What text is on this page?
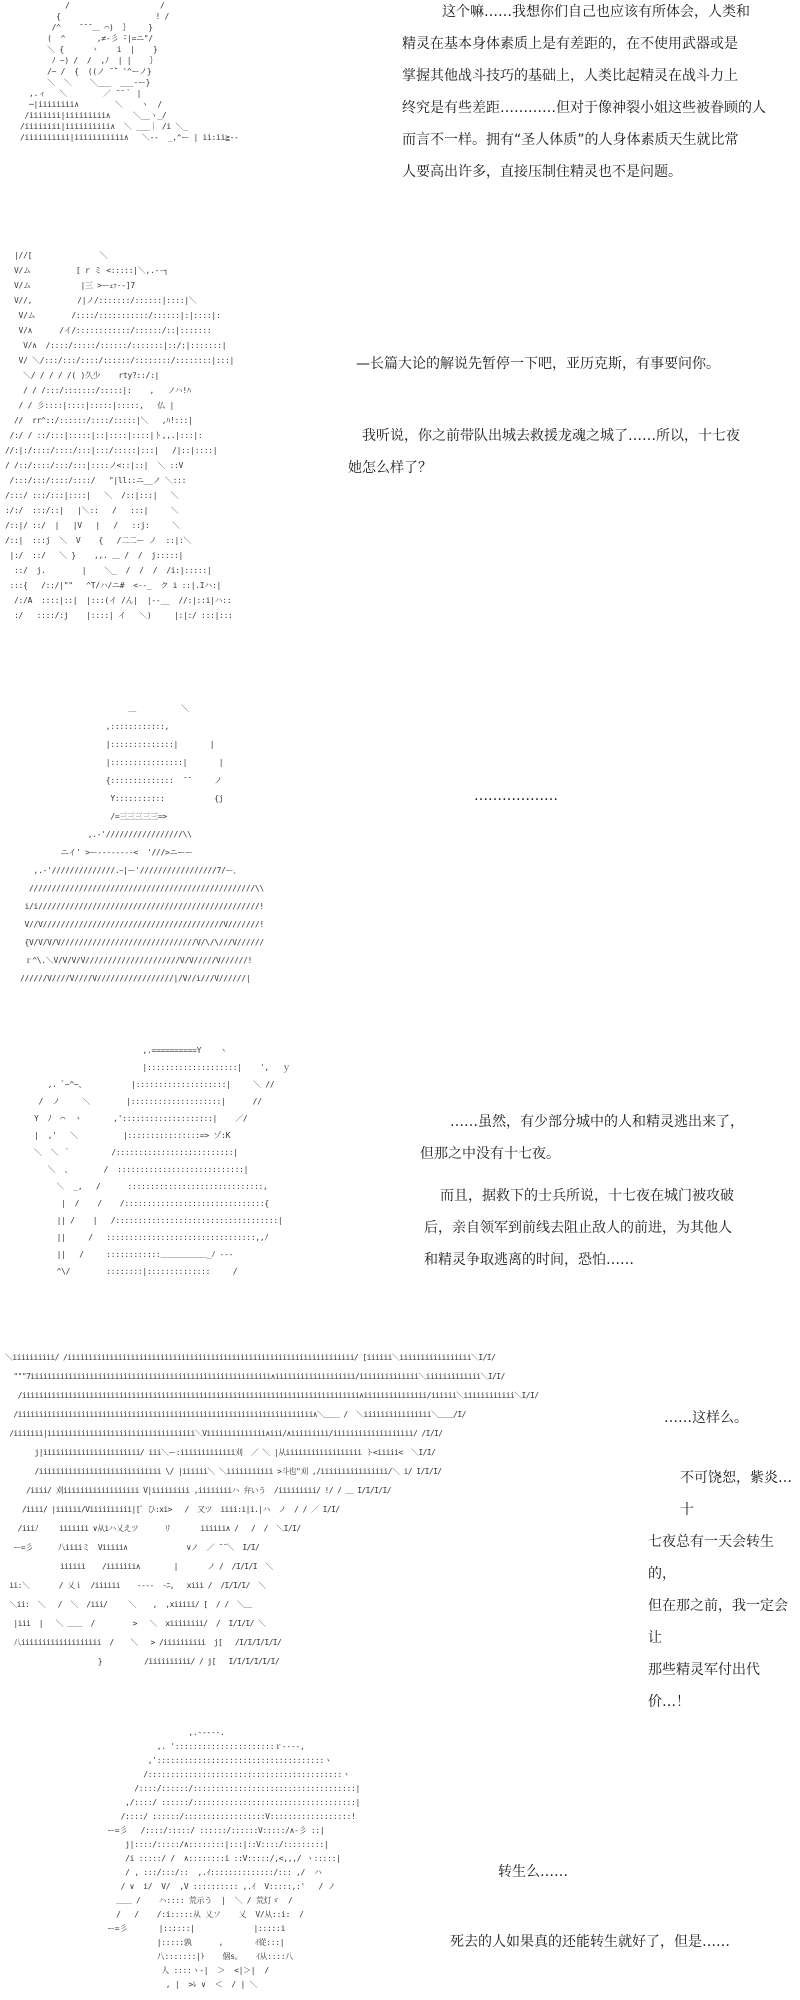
/                    /
{                     ! /
/^    ̄ ̄ ̄ ＿ ⌒)  ｝    }
(  ^       ,≠-彡 ̄-|=ニ"/
＼ {      ヽ    i  |    }
ﾉ ~) /  /  ,ﾉ  | |    ｝
/~ /  {  ((ノ ̄ ̄` '^ーノ}
＼  ＼    ＼___  ___-ー}
,.ィ   ＼        ／ ̄ ̄ ｀ |
─|iiiiiiii∧        ＼    ヽ  /
/iiiiiii|iiiiiiiii∧     ＼__ヽ_/
/iiiiiiii|iiiiiiiiii∧  ＼ ___｜ /i ＼_
/iiiiiiiiii|iiiiiiiiiii∧   ＼--  _,^ー | ii:ii≧--

这个嘛……我想你们自己也应该有所体会，人类和

精灵在基本身体素质上是有差距的，在不使用武器或是

掌握其他战斗技巧的基础上，人类比起精灵在战斗力上

终究是有些差距…………但对于像神裂小姐这些被眷顾的人

而言不一样。拥有“圣人体质”的人身体素质天生就比常

人要高出许多，直接压制住精灵也不是问题。

|//[               ＼
V/ム          [ r ミ <:::::|＼,.--┐
V/ム           |三 >ーｪｧ--]7
V//,          /|ノ/:::::::/::::::|::::|＼
V/ム        /::::/:::::::::::/::::::|:|::::|:
V/∧      /イ/::::::::::::/::::::/::|:::::::
V/∧  /::::/:::::/::::::/:::::::|::/:|:::::::|
V/ ＼/:::/:::/::::/::::::/::::::::/::::::::|:::|
＼/ / / / /( )久少    rty?::/:|
/ / /:::/:::::::/:::::|:    ,   ノハ!ﾊ
/ / 彡::::|::::|:::::|:::::,   仏 |
//  rr^::/::::::/::::/:::::|＼   ,ﾊ!:::|
/:/ / ::/:::|:::::|::|::::|::::|ト,,.|:::|:
//:|:/::::/::::/:::|:::/:::::|:::|   /|::|::::|
/ /::/::::/:::/:::|::::ノ<::|::|  ＼ ::V
/:::/:::/::::/::::/   "|ll::ニ__ノ ＼:::
/:::/ :::/:::|::::|   ＼  /::|:::|   ＼
:/:/  :::/::|   |＼::   /   :::|     ＼
/::|/ ::/  |   |V   |   /   ::j:     ＼
/::|  :::j  ＼  V    {   /二二ー ノ  ::|:＼
|:/  ::/   ＼ }    ,,. ＿ /  /  j:::::|
::/  j.        |    ＼_  /  /  /  /i:|:::::|
:::{   /::/|""   ^T/ハ/ニ#  <--_  ク i ::|.Iハ:|
/:/A  ::::|::|  |:::(イ /ん|  |--__  //:|::i|ハ::
:/   ::::/:j    |::::| イ   ＼)     |:|:/ :::|:::

—长篇大论的解说先暂停一下吧，亚历克斯，有事要问你。

我听说，你之前带队出城去救援龙魂之城了……所以，十七夜

她怎么样了？

＿          ＼
,::::::::::::,
|::::::::::::::|       |
|::::::::::::::::|       |
{::::::::::::::  ̄ ̄      ノ
Y:::::::::::           {j
/=三三三三三=>
,.-'/////////////////\\
ニイ' >ー--------<  '///>ニーー
,.-'//////////////.ｰ|ー'/////////////////7/ー､
//////////////////////////////////////////////////\\
i/i/////////////////////////////////////////////////!
V//V////////////////////////////////////////V///////!
{V/V/V/V//////////////////////////////V/\/\///V//////
ｒ^\.＼V/V/V/V/////////////////////V/V/////V//////!
//////V////V////V/////////////////|/V//i///V//////|

………………

,.==========Y    ヽ
|::::::::::::::::::::|    ',   ｙ
,. ﾞ~^~、          |::::::::::::::::::::|     ＼ //
/  ノ     ＼        |::::::::::::::::::::|      //
Y  ﾉ  ⌒  ヽ       ,'::::::::::::::::::::|    ／/
|  ,'   ＼          |::::::::::::::::=> ゾ:Κ
＼  ＼ ｀         /::::::::::::::::::::::::::|
＼  、       /  ::::::::::::::::::::::::::::|
＼  _,   /      ::::::::::::::::::::::::::::::,
|  /    /    /:::::::::::::::::::::::::::::::{
|| /    |   /::::::::::::::::::::::::::::::::::::|
||     /   :::::::::::::::::::::::::::::::::,,ﾉ
||   /     ::::::::::::＿＿＿＿＿＿_ﾉ ---
^\/        ::::::::|::::::::::::::     /

……虽然，有少部分城中的人和精灵逃出来了，

但那之中没有十七夜。

而且，据救下的士兵所说，十七夜在城门被攻破

后，亲自领军到前线去阻止敌人的前进，为其他人

和精灵争取逃离的时间，恐怕……

＼iiiiiiiiii/ /iiiiiiiiiiiiiiiiiiiiiiiiiiiiiiiiiiiiiiiiiiiiiiiiiiiiiiiiiiiiiiiiiiii/ [iiiiii＼iiiiiiiiiiiiiiiii＼I/I/
"""7iiiiiiiiiiiiiiiiiiiiiiiiiiiiiiiiiiiiiiiiiiiiiiiiiiiiiiiii∧iiiiiiiiiiiiiiiiiii/iiiiiiiiiiiiii＼iiiiiiiiiiiii＼I/I/
/iiiiiiiiiiiiiiiiiiiiiiiiiiiiiiiiiiiiiiiiiiiiiiiiiiiiiiiiiiiiiiiiiiiiiiiiiiiiiiii∧iiiiiiiiiiiiiii/iiiiii＼iiiiiiiiiiii＼I/I/
/iiiiiiiiiiiiiiiiiiiiiiiiiiiiiiiiiiiiiiiiiiiiiiiiiiiiiiiiiiiiiiiiiiiiii∧＼＿＿ /  ＼iiiiiiiiiiiiiiii＼＿＿/I/
/iiiiiii|iiiiiiiiiiiiiiiiiiiiiiiiiiiiiiiiiii＼Viiiiiiiiiiiiii∧iii/∧iiiiiiiii/iiiiiiiiiiiiiiiiiii/ /I/I/
j|iiiiiiiiiiiiiiiiiiiiiii/ iii＼ー:iiiiiiiiiiiii刈  ／ ＼ |从iiiiiiiiiiiiiiiiii ト<iiiii<  ＼I/I/
/iiiiiiiiiiiiiiiiiiiiiiiiiiiii \/ |iiiiii＼ ＼iiiiiiiiiii >斗也"刈 ,/iiiiiiiiiiiiiiii/＼ i/ I/I/I/
/iiii/ 刈iiiiiiiiiiiiiiiiii V|iiiiiiiii ,iiiiiiiiハ 弁いう  /iiiiiiiii/ !/ / ＿ I/I/I/I/
/iiii/ |iiiiii/Viiiiiiiiii|[ﾟ ひ:xi>   /  又ツ  iiii:i|i.|ハ  ノ  / / ／ I/I/
/iiiﾉ     iiiiiii ∨从iハ乂えツ      リ       iiiiii∧ /   /  /  ＼I/I/
ー=彡      八iiiiミ  Viiiii∧              ∨ノ  ／ ̄ ̄ ＼  I/I/
iiiiii    /iiiiiii∧        |       ノ /  /I/I/I  ＼
ii:＼       / 乂ｉ  /iiiiii    ----  -ﾆ,   xiii /  /I/I/I/  ＼
＼ii:  ＼   /  ＼  /iii/     ＼    ,  ,xiiiii/ [  / /  ＼＿
|iii  |   ＼ ＿＿  /         >   ＼  xiiiiiiii/  /  I/I/I/ ＼
八iiiiiiiiiiiiiiiiiii  /    ＼   > /iiiiiiiiii  j[   /I/I/I/I/I/
}          /iiiiiiiiii/ / j[   I/I/I/I/I/I/

……这样么。

不可饶恕，紫炎…十

七夜总有一天会转生的，

但在那之前，我一定会让

那些精灵军付出代价…！

,.-----.
,. '::::::::::::::::::::::ｒ----,
,':::::::::::::::::::::::::::::::::::::ヽ
/:::::::::::::::::::::::::::::::::::::::::::ヽ
/::::/::::::/::::::::::::::::::::::::::::::::::::|
,/::::/ ::::::/::::::::::::::::::::::::::::::::::::|
/::::/ ::::::/::::::::::::::::::V::::::::::::::::::!
ー=彡   /::::/:::::/ ::::::/::::::V:::::/∧-彡 ::|
j|::::/:::::/∧::::::::|:::|::V::::/:::::::::|
/i :::::/ /  ∧::::::::i ::V:::::/,<,,,/ ヽ:::::|
/ , :::/:::/::  ,.ｲ::::::::::::::/::: ,/  ハ
/ ∨  i/  V/  ,V :::::::::: ,.ｲ  V:::::,:'   / ノ
＿＿ /    ハ:::: 荒示う  |  ＼ / 荒灯ゞ  /
/   /    /:i:::::从 乂ソ    乂  V/从::i:  /
ー=彡       |::::::|             |:::::i
|:::::孰      ,       ｲ從:::|
八:::::::|ﾄ    個s。   ｲ从::::八
人 ::::ヽ-|  ＞  <|＞|  /
, |  >ﾚ ∨  ＜  / | ＼

转生么……

死去的人如果真的还能转生就好了，但是……
